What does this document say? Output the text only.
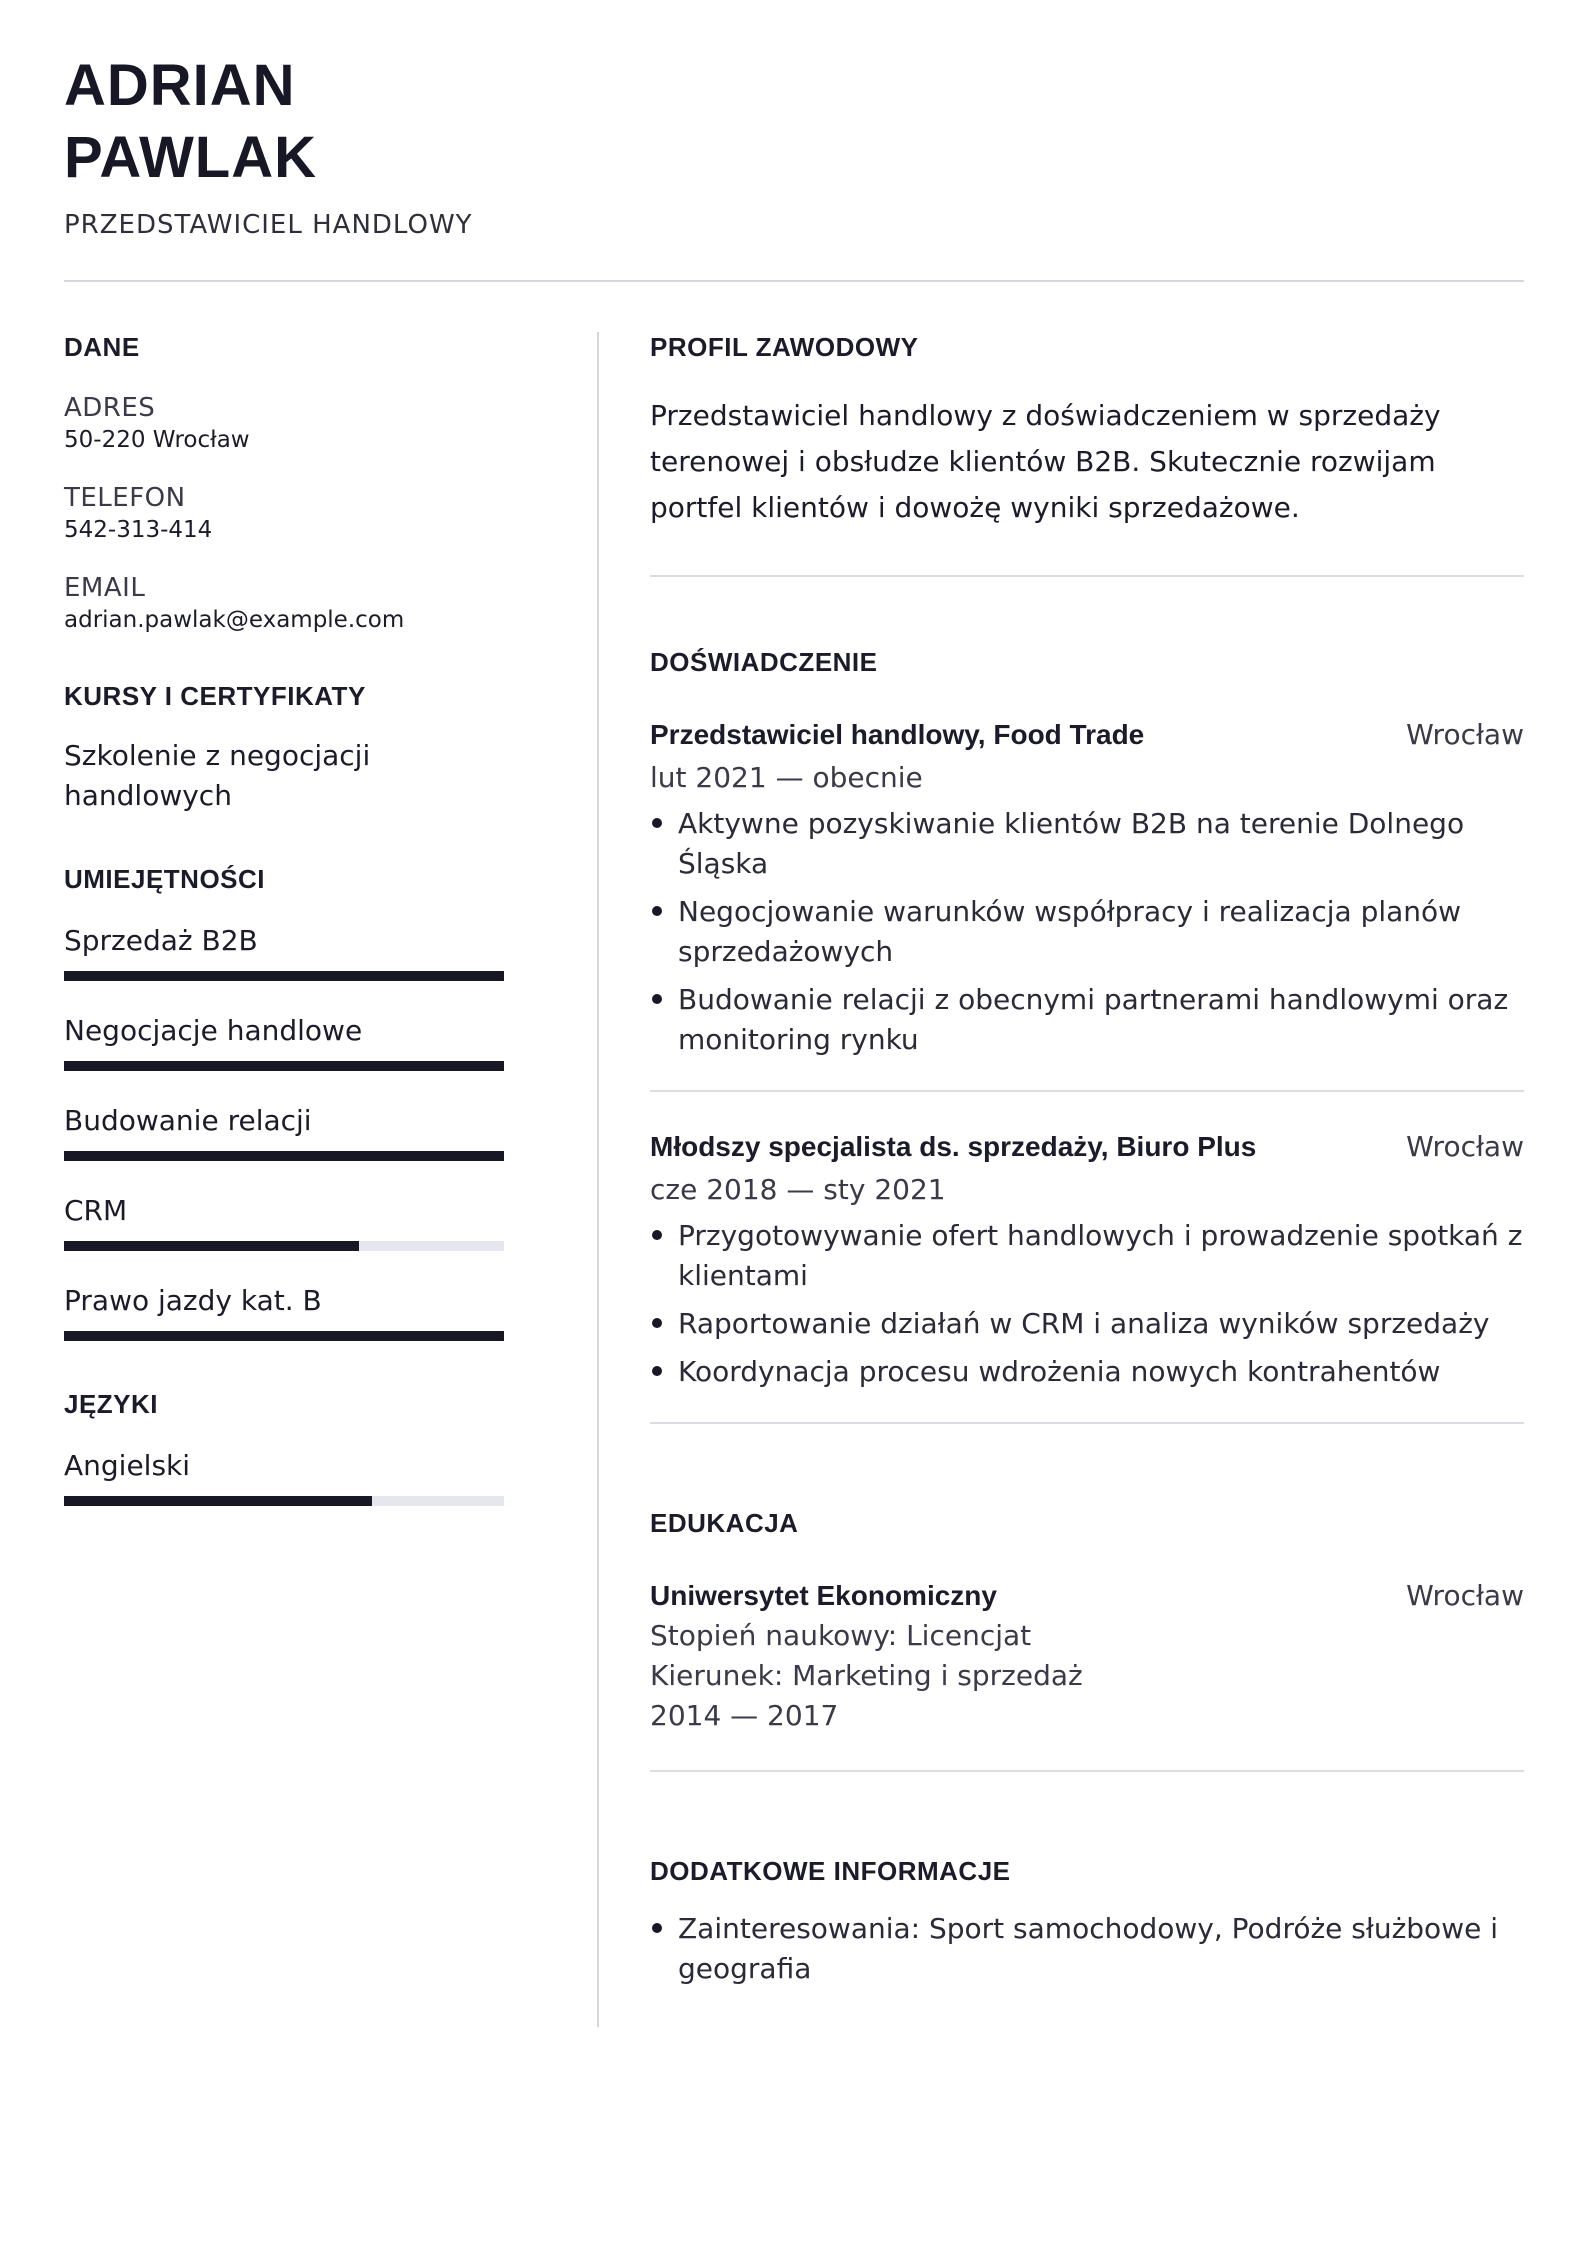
ADRIAN
PAWLAK
PRZEDSTAWICIEL HANDLOWY
DANE
ADRES
50-220 Wrocław
TELEFON
542-313-414
EMAIL
adrian.pawlak@example.com
KURSY I CERTYFIKATY
Szkolenie z negocjacji handlowych
UMIEJĘTNOŚCI
Sprzedaż B2B
Negocjacje handlowe
Budowanie relacji
CRM
Prawo jazdy kat. B
JĘZYKI
Angielski
PROFIL ZAWODOWY
Przedstawiciel handlowy z doświadczeniem w sprzedaży terenowej i obsłudze klientów B2B. Skutecznie rozwijam portfel klientów i dowożę wyniki sprzedażowe.
DOŚWIADCZENIE
Przedstawiciel handlowy, Food Trade	Wrocław
lut 2021 — obecnie
Aktywne pozyskiwanie klientów B2B na terenie Dolnego Śląska
Negocjowanie warunków współpracy i realizacja planów sprzedażowych
Budowanie relacji z obecnymi partnerami handlowymi oraz monitoring rynku
Młodszy specjalista ds. sprzedaży, Biuro Plus	Wrocław
cze 2018 — sty 2021
Przygotowywanie ofert handlowych i prowadzenie spotkań z klientami
Raportowanie działań w CRM i analiza wyników sprzedaży
Koordynacja procesu wdrożenia nowych kontrahentów
EDUKACJA
Uniwersytet Ekonomiczny	Wrocław
Stopień naukowy: Licencjat
Kierunek: Marketing i sprzedaż
2014 — 2017
DODATKOWE INFORMACJE
Zainteresowania: Sport samochodowy, Podróże służbowe i geografia
